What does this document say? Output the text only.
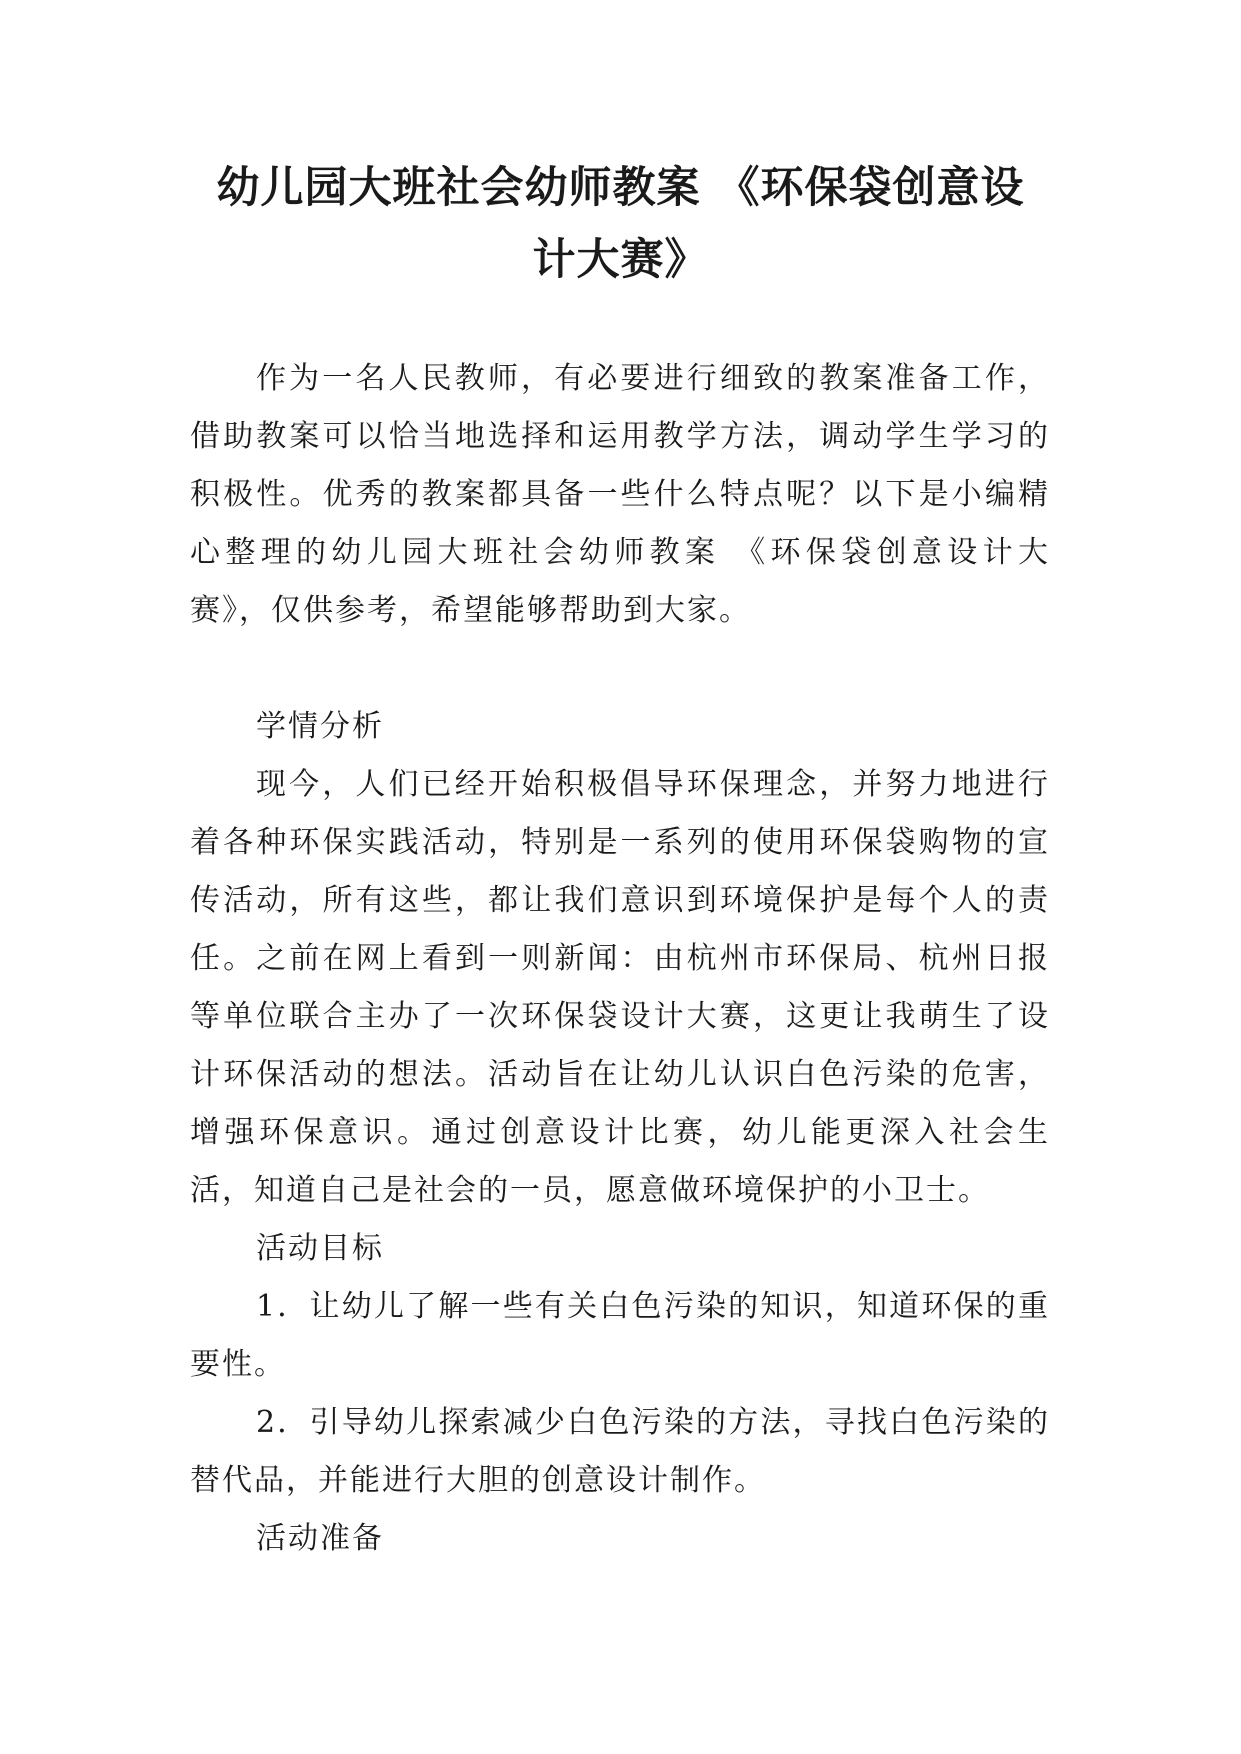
幼儿园大班社会幼师教案 《环保袋创意设
计大赛》

作为一名人民教师，有必要进行细致的教案准备工作，借助教案可以恰当地选择和运用教学方法，调动学生学习的积极性。优秀的教案都具备一些什么特点呢？以下是小编精心整理的幼儿园大班社会幼师教案 《环保袋创意设计大赛》，仅供参考，希望能够帮助到大家。

学情分析

现今，人们已经开始积极倡导环保理念，并努力地进行着各种环保实践活动，特别是一系列的使用环保袋购物的宣传活动，所有这些，都让我们意识到环境保护是每个人的责任。之前在网上看到一则新闻：由杭州市环保局、杭州日报等单位联合主办了一次环保袋设计大赛，这更让我萌生了设计环保活动的想法。活动旨在让幼儿认识白色污染的危害，增强环保意识。通过创意设计比赛，幼儿能更深入社会生活，知道自己是社会的一员，愿意做环境保护的小卫士。

活动目标

1．让幼儿了解一些有关白色污染的知识，知道环保的重要性。

2．引导幼儿探索减少白色污染的方法，寻找白色污染的替代品，并能进行大胆的创意设计制作。

活动准备
